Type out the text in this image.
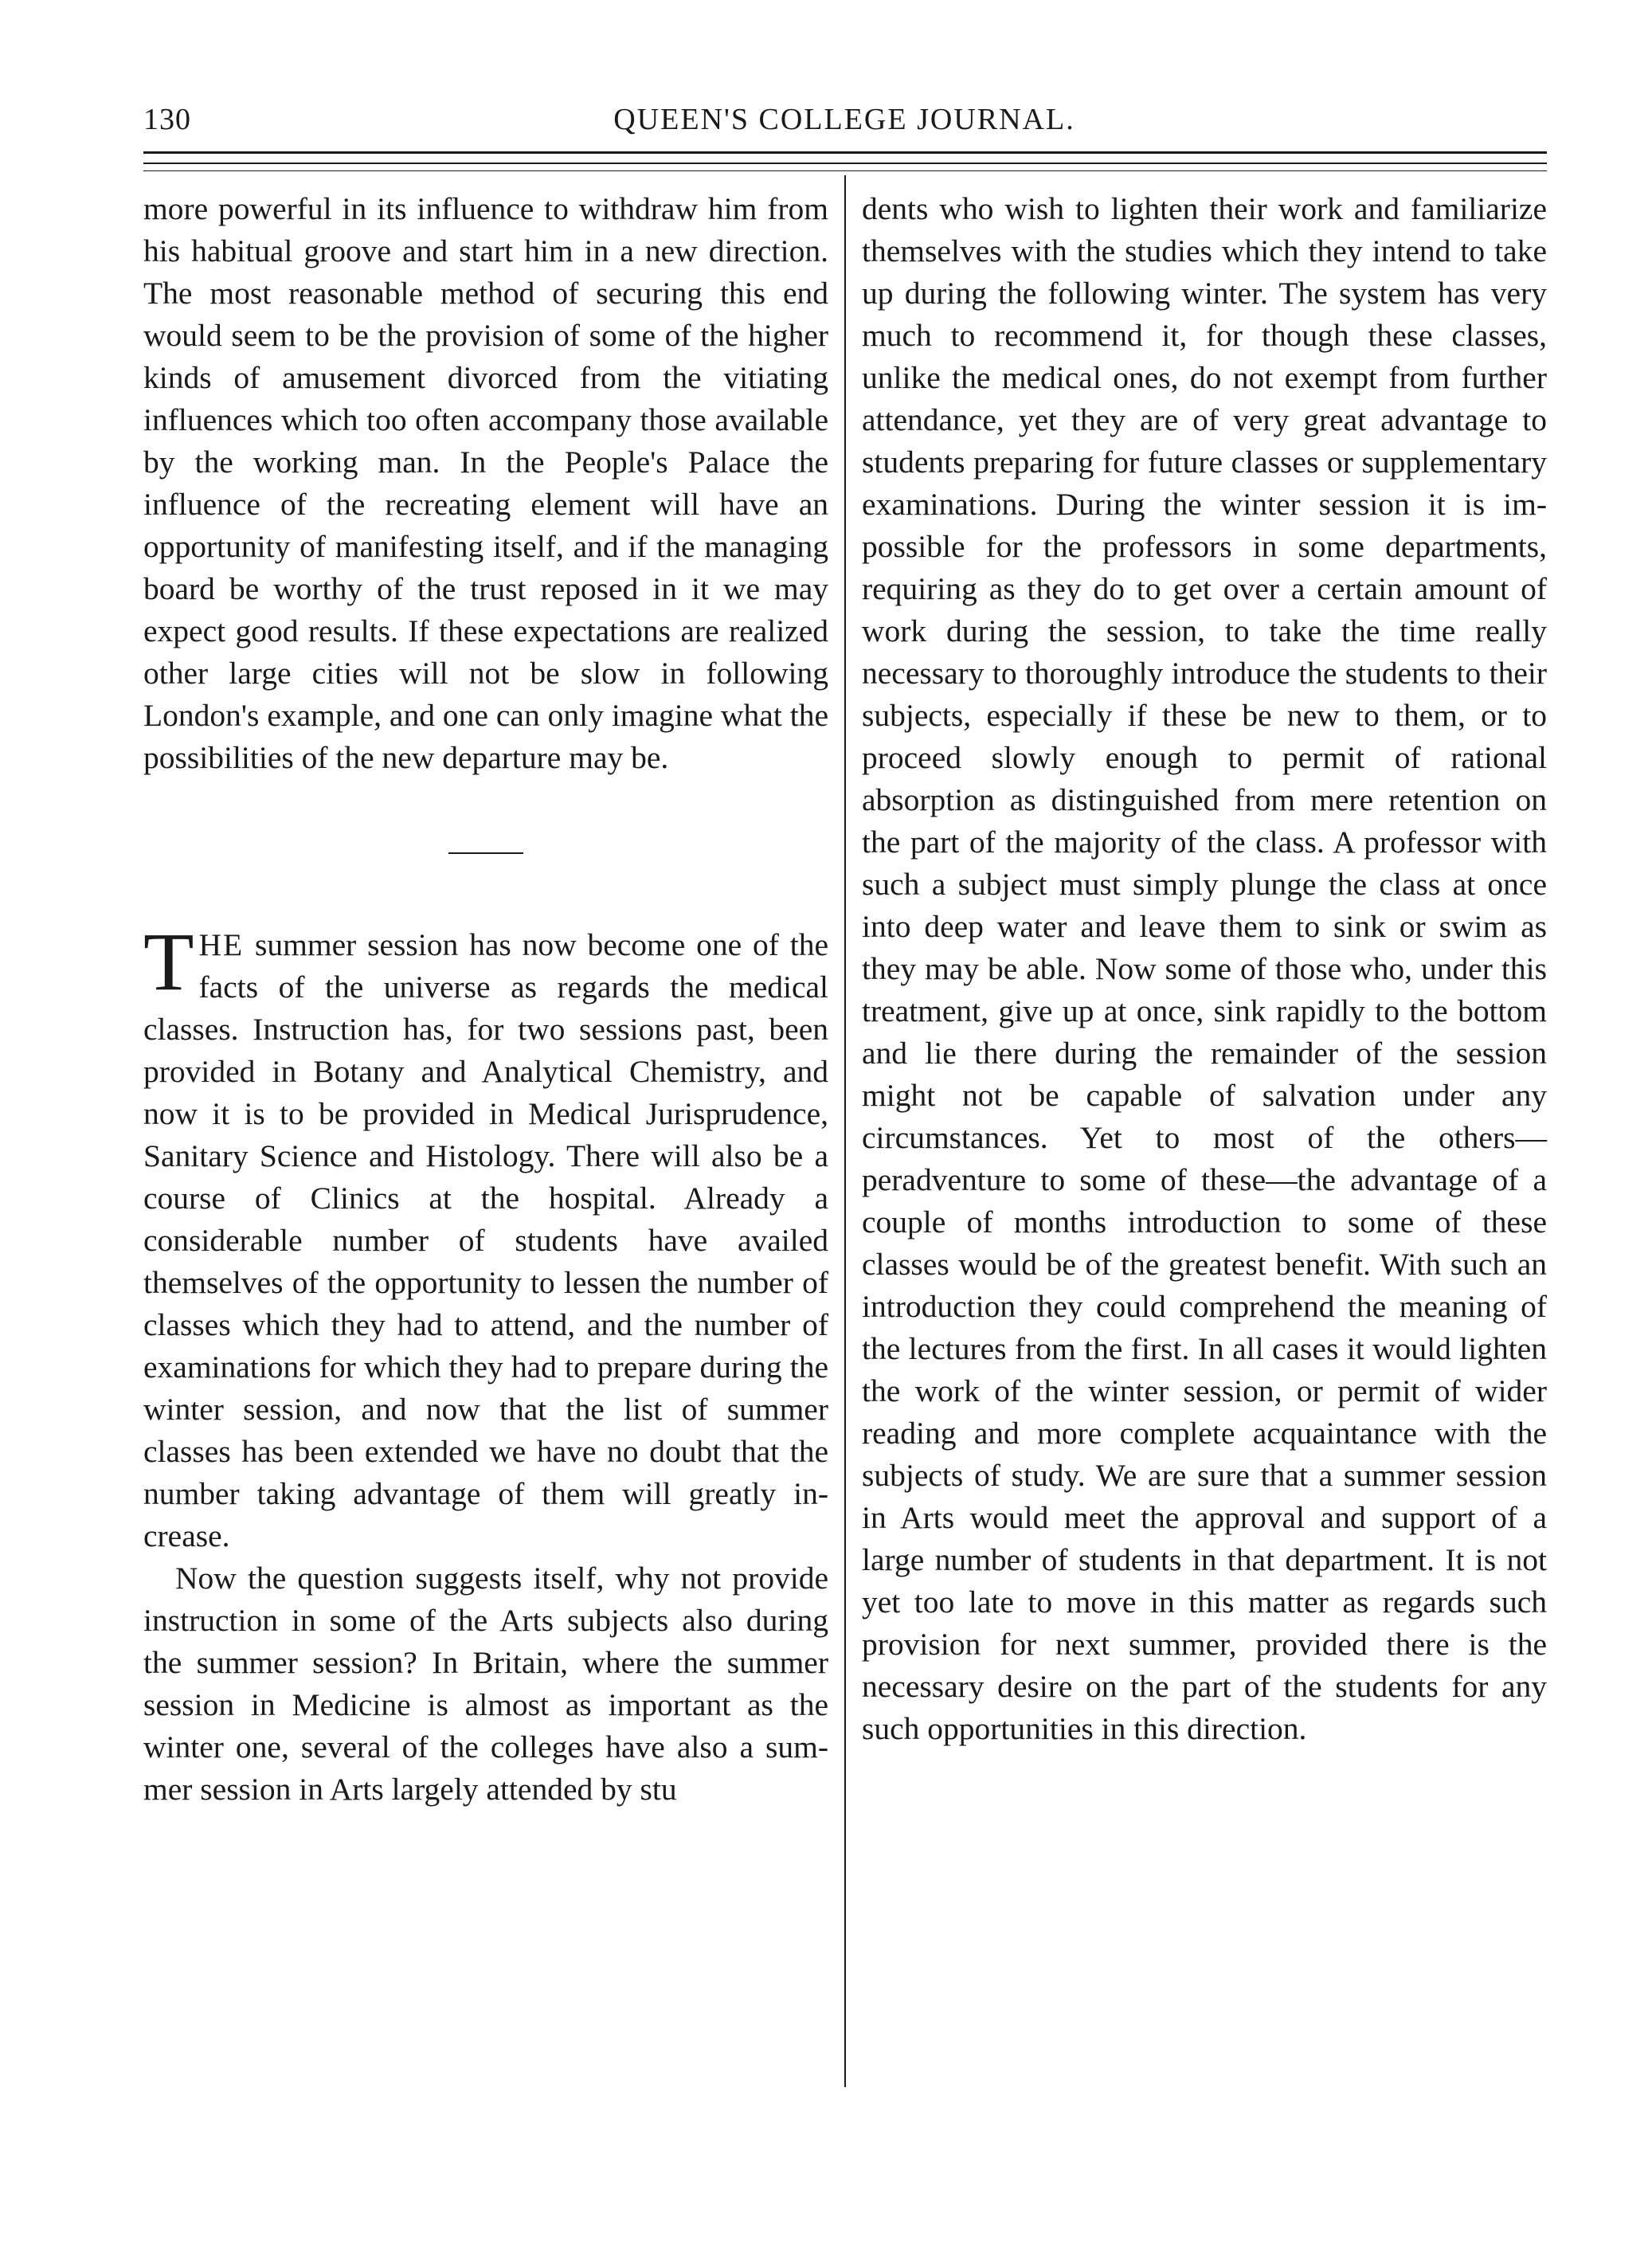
130	QUEEN'S COLLEGE JOURNAL.

more powerful in its influence to withdraw him from his habitual groove and start him in a new direction. The most reasonable method of securing this end would seem to be the provision of some of the higher kinds of amusement divorced from the vitiating influences which too often accompany those available by the working man. In the People's Palace the influence of the recreating element will have an opportunity of manifesting itself, and if the managing board be worthy of the trust reposed in it we may expect good results. If these expectations are realized other large cities will not be slow in following London's example, and one can only imagine what the possibilities of the new departure may be.

THE summer session has now become one of the facts of the universe as regards the medical classes. Instruction has, for two sessions past, been provided in Botany and Analytical Chemistry, and now it is to be provided in Medical Jurisprudence, Sanitary Science and Histology. There will also be a course of Clinics at the hospital. Already a considerable number of students have availed themselves of the opportunity to lessen the number of classes which they had to attend, and the number of examinations for which they had to prepare during the winter session, and now that the list of summer classes has been extended we have no doubt that the number taking advantage of them will greatly increase.

Now the question suggests itself, why not provide instruction in some of the Arts subjects also during the summer session? In Britain, where the summer session in Medicine is almost as important as the winter one, several of the colleges have also a summer session in Arts largely attended by stu

dents who wish to lighten their work and familiarize themselves with the studies which they intend to take up during the following winter. The system has very much to recommend it, for though these classes, unlike the medical ones, do not exempt from further attendance, yet they are of very great advantage to students preparing for future classes or supplementary examinations. During the winter session it is impossible for the professors in some departments, requiring as they do to get over a certain amount of work during the session, to take the time really necessary to thoroughly introduce the students to their subjects, especially if these be new to them, or to proceed slowly enough to permit of rational absorption as distinguished from mere retention on the part of the majority of the class. A professor with such a subject must simply plunge the class at once into deep water and leave them to sink or swim as they may be able. Now some of those who, under this treatment, give up at once, sink rapidly to the bottom and lie there during the remainder of the session might not be capable of salvation under any circumstances. Yet to most of the others—peradventure to some of these—the advantage of a couple of months introduction to some of these classes would be of the greatest benefit. With such an introduction they could comprehend the meaning of the lectures from the first. In all cases it would lighten the work of the winter session, or permit of wider reading and more complete acquaintance with the subjects of study. We are sure that a summer session in Arts would meet the approval and support of a large number of students in that department. It is not yet too late to move in this matter as regards such provision for next summer, provided there is the necessary desire on the part of the students for any such opportunities in this direction.
